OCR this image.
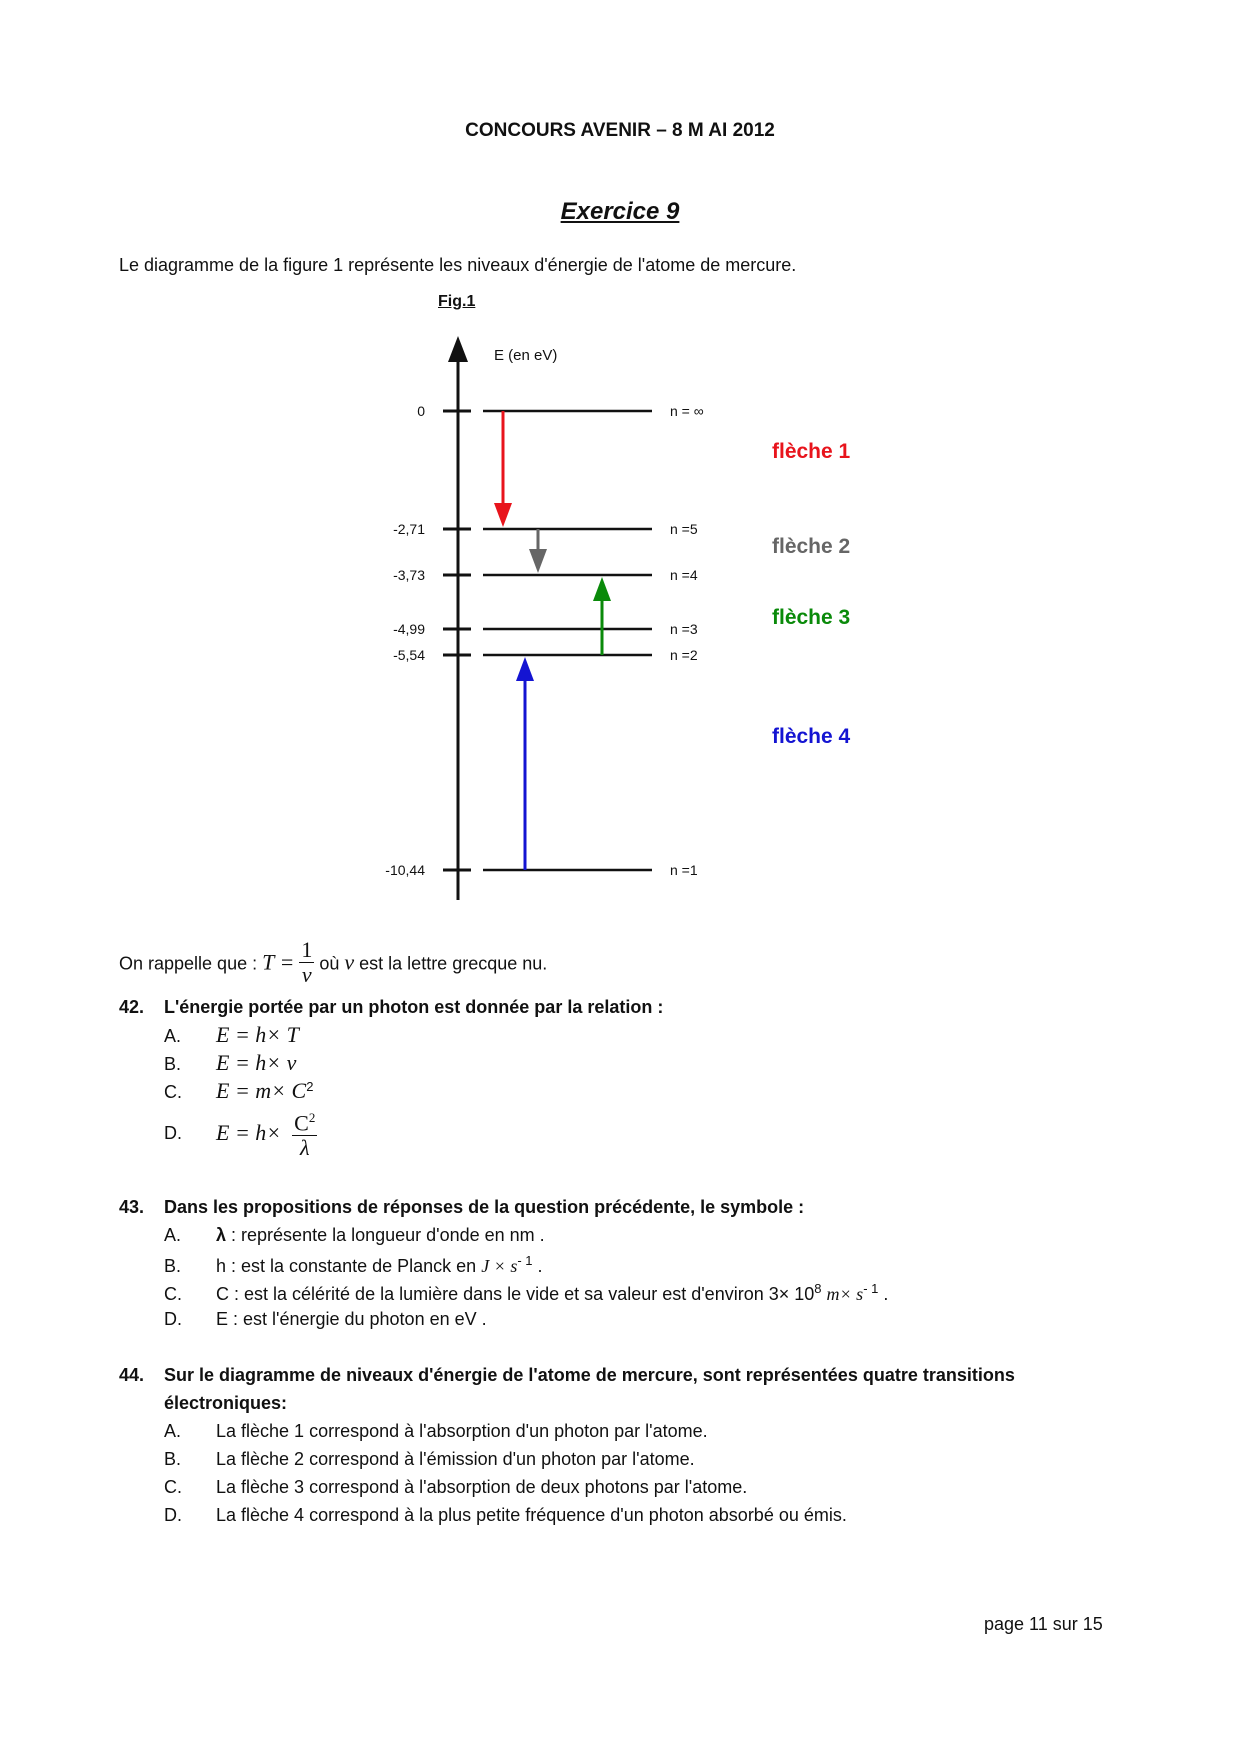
CONCOURS AVENIR – 8 M AI 2012
Exercice 9
Le diagramme de la figure 1 représente les niveaux d'énergie de l'atome de mercure.
Fig.1
E (en eV)
0	n = ∞
-2,71	n =5
-3,73	n =4
-4,99	n =3
-5,54	n =2
-10,44	n =1
flèche 1
flèche 2
flèche 3
flèche 4
On rappelle que : $T = \frac{1}{\nu}$ où ν est la lettre grecque nu.
42. L'énergie portée par un photon est donnée par la relation :
A. E = h× T
B. E = h× ν
C. $E = m\times C^2$
D. $E = h\times \frac{C^2}{\lambda}$
43. Dans les propositions de réponses de la question précédente, le symbole :
A. λ : représente la longueur d'onde en nm .
B. h : est la constante de Planck en $J \times s^{- 1}$ .
C. C : est la célérité de la lumière dans le vide et sa valeur est d'environ $3\times 10^8$ $m\times s^{- 1}$ .
D. E : est l'énergie du photon en eV .
44. Sur le diagramme de niveaux d'énergie de l'atome de mercure, sont représentées quatre transitions
électroniques:
A. La flèche 1 correspond à l'absorption d'un photon par l'atome.
B. La flèche 2 correspond à l'émission d'un photon par l'atome.
C. La flèche 3 correspond à l'absorption de deux photons par l'atome.
D. La flèche 4 correspond à la plus petite fréquence d'un photon absorbé ou émis.
page 11 sur 15
